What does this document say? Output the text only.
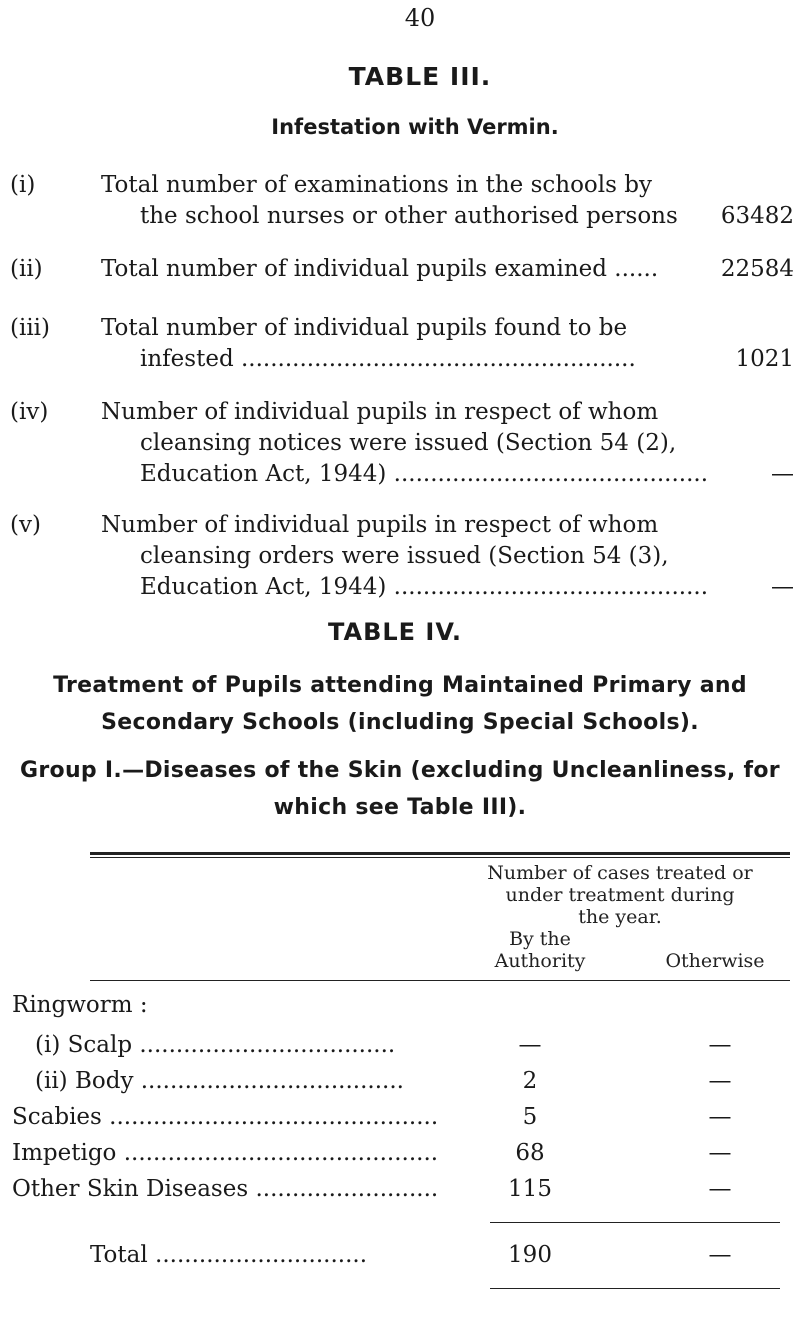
40
TABLE III.
Infestation with Vermin.
(i)	Total number of examinations in the schools by
the school nurses or other authorised persons 63482
(ii)	Total number of individual pupils examined ......	22584
(iii) Total number of individual pupils found to be
infested ......................................................	1021
(iv) Number of individual pupils in respect of whom
cleansing notices were issued (Section 54 (2),
Education Act, 1944) ...........................................	—
(v)	Number of individual pupils in respect of whom
cleansing orders were issued (Section 54 (3),
Education Act, 1944) ...........................................	—
TABLE IV.
Treatment of Pupils attending Maintained Primary and
Secondary Schools (including Special Schools).
Group I.—Diseases of the Skin (excluding Uncleanliness, for
which see Table III).
Number of cases treated or
under treatment during
the year.
By the
Authority	Otherwise
Ringworm :
(i) Scalp ...................................	—	—
(ii) Body ....................................	2	—
Scabies .............................................	5	—
Impetigo ...........................................	68	—
Other Skin Diseases .........................	115	—
Total .............................	190	—
